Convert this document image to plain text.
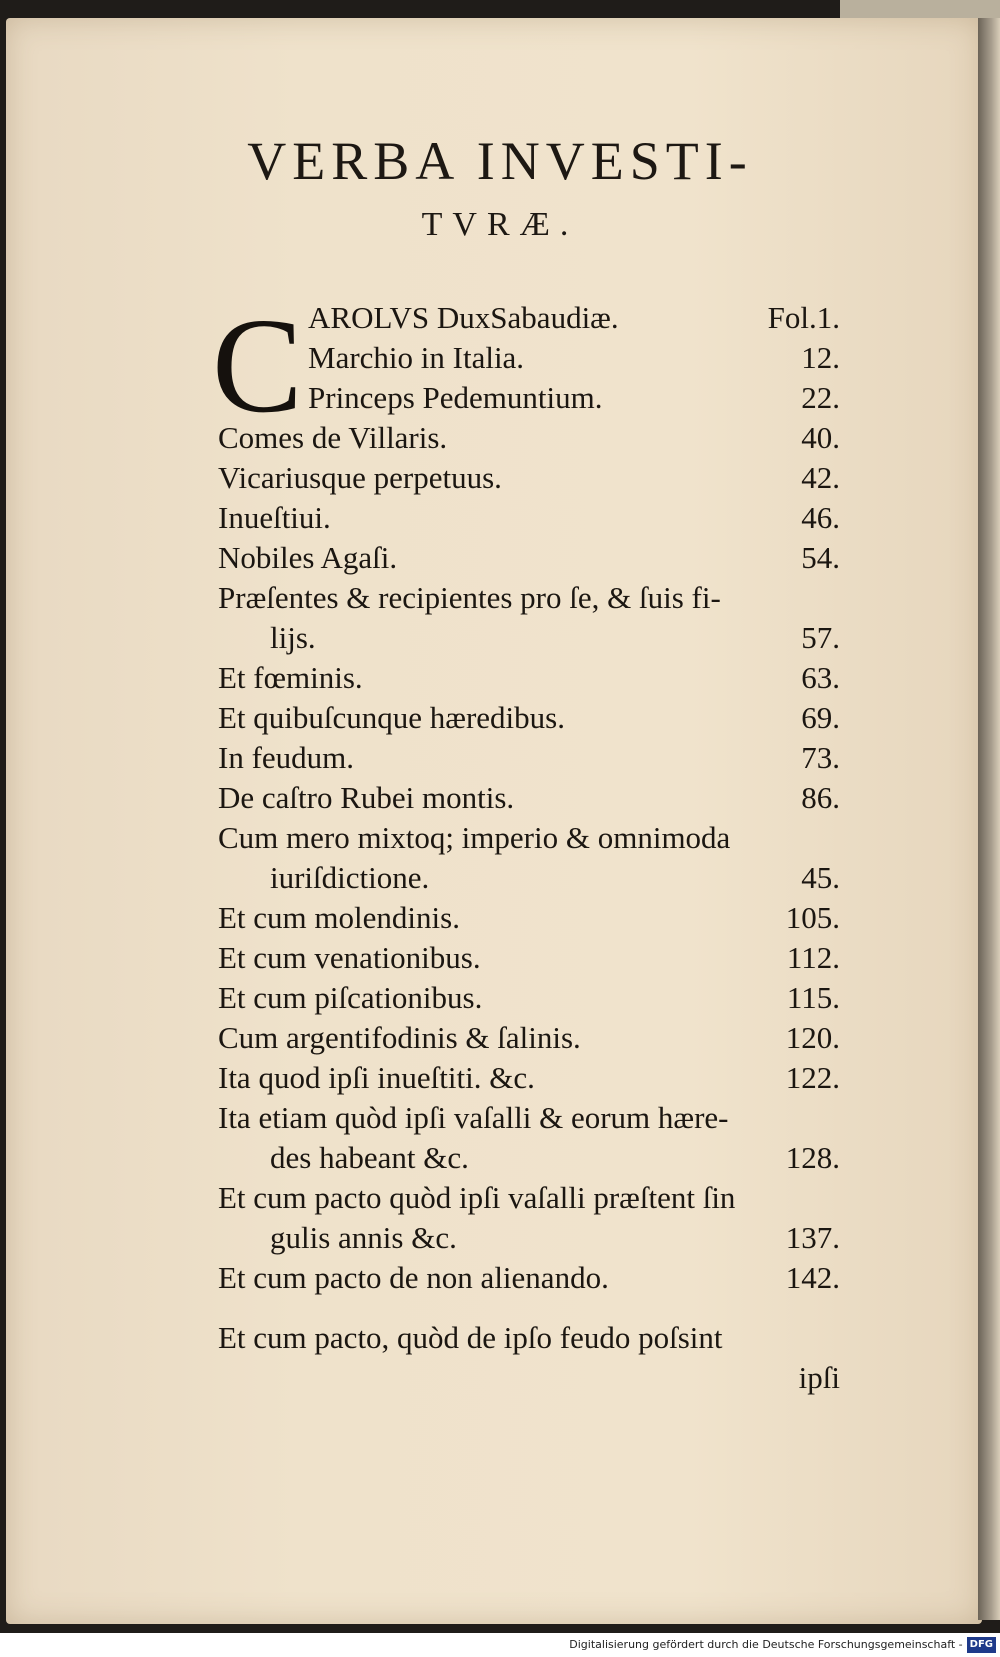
VERBA INVESTI-
TVRÆ.
C AROLVS DuxSabaudiæ.	Fol.1.
Marchio in Italia.	12.
Princeps Pedemuntium.	22.
Comes de Villaris.	40.
Vicariusque perpetuus.	42.
Inueſtiui.	46.
Nobiles Agaſi.	54.
Præſentes & recipientes pro ſe, & ſuis fi-
lijs.	57.
Et fœminis.	63.
Et quibuſcunque hæredibus.	69.
In feudum.	73.
De caſtro Rubei montis.	86.
Cum mero mixtoq; imperio & omnimoda
iuriſdictione.	45.
Et cum molendinis.	105.
Et cum venationibus.	112.
Et cum piſcationibus.	115.
Cum argentifodinis & ſalinis.	120.
Ita quod ipſi inueſtiti. &c.	122.
Ita etiam quòd ipſi vaſalli & eorum hære-
des habeant &c.	128.
Et cum pacto quòd ipſi vaſalli præſtent ſin
gulis annis &c.	137.
Et cum pacto de non alienando.	142.
Et cum pacto, quòd de ipſo feudo poſsint
ipſi
Digitalisierung gefördert durch die Deutsche Forschungsgemeinschaft - DFG
